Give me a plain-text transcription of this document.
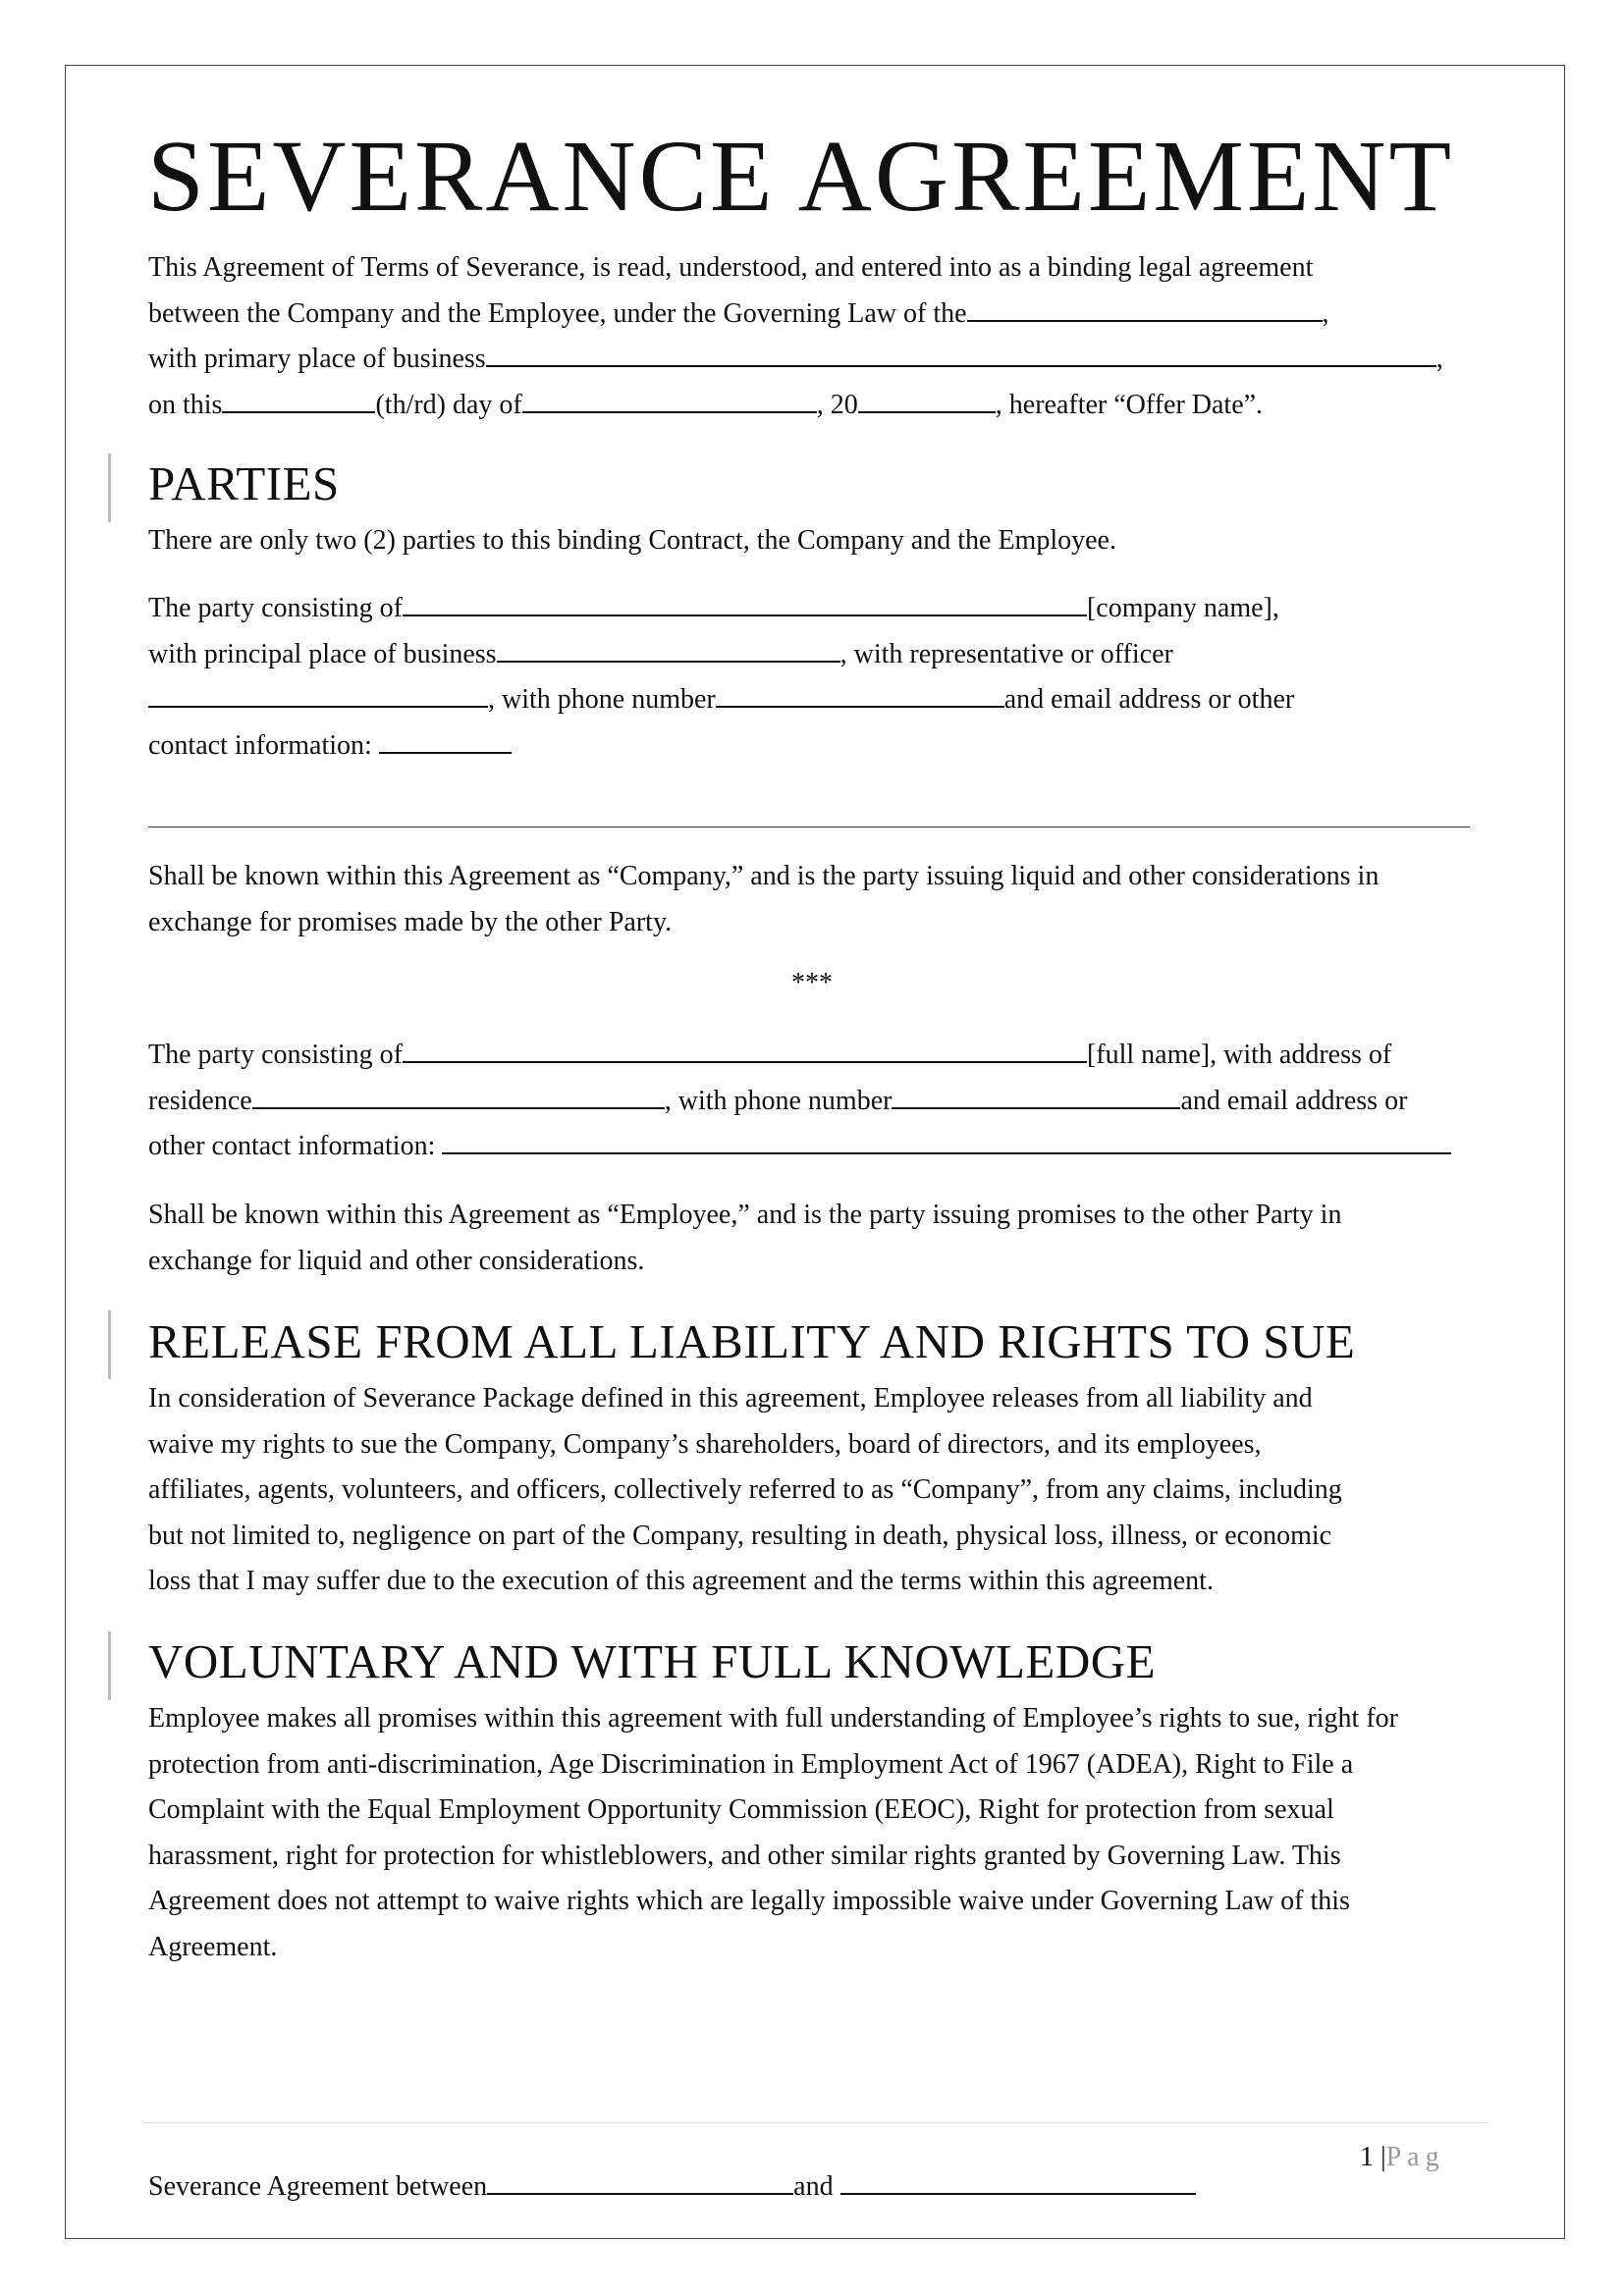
SEVERANCE AGREEMENT
This Agreement of Terms of Severance, is read, understood, and entered into as a binding legal agreement
between the Company and the Employee, under the Governing Law of the	,
with primary place of business	,
on this	(th/rd) day of	, 20	, hereafter “Offer Date”.
PARTIES
There are only two (2) parties to this binding Contract, the Company and the Employee.
The party consisting of	[company name],
with principal place of business	, with representative or officer
, with phone number	and email address or other
contact information:
Shall be known within this Agreement as “Company,” and is the party issuing liquid and other considerations in
exchange for promises made by the other Party.
***
The party consisting of	[full name], with address of
residence	, with phone number	and email address or
other contact information:
Shall be known within this Agreement as “Employee,” and is the party issuing promises to the other Party in
exchange for liquid and other considerations.
RELEASE FROM ALL LIABILITY AND RIGHTS TO SUE
In consideration of Severance Package defined in this agreement, Employee releases from all liability and
waive my rights to sue the Company, Company’s shareholders, board of directors, and its employees,
affiliates, agents, volunteers, and officers, collectively referred to as “Company”, from any claims, including
but not limited to, negligence on part of the Company, resulting in death, physical loss, illness, or economic
loss that I may suffer due to the execution of this agreement and the terms within this agreement.
VOLUNTARY AND WITH FULL KNOWLEDGE
Employee makes all promises within this agreement with full understanding of Employee’s rights to sue, right for
protection from anti-discrimination, Age Discrimination in Employment Act of 1967 (ADEA), Right to File a
Complaint with the Equal Employment Opportunity Commission (EEOC), Right for protection from sexual
harassment, right for protection for whistleblowers, and other similar rights granted by Governing Law. This
Agreement does not attempt to waive rights which are legally impossible waive under Governing Law of this
Agreement.
1 |Pag
Severance Agreement between	and
